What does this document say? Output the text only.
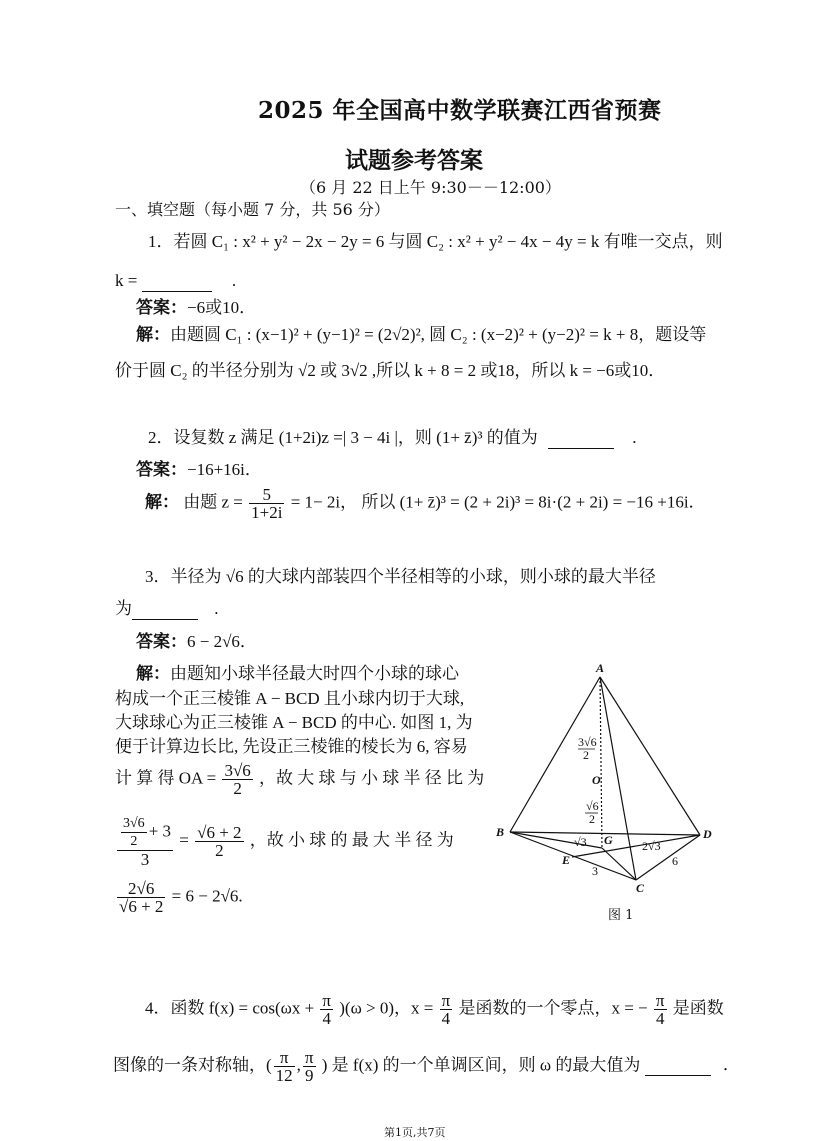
2025 年全国高中数学联赛江西省预赛
试题参考答案
（6 月 22 日上午 9:30－－12:00）
一、填空题（每小题 7 分，共 56 分）
1．若圆 C₁ : x² + y² − 2x − 2y = 6 与圆 C₂ : x² + y² − 4x − 4y = k 有唯一交点，则
k =	.
答案：−6或10．
解：由题圆 C₁ : (x−1)² + (y−1)² = (2√2)², 圆 C₂ : (x−2)² + (y−2)² = k + 8，题设等
价于圆 C₂ 的半径分别为 √2 或 3√2 ,所以 k + 8 = 2 或18，所以 k = −6或10．
2．设复数 z 满足 (1+2i)z =| 3 − 4i |，则 (1+ z̄)³ 的值为	.
答案：−16+16i．
解： 由题 $z = \frac{5}{1+2i} = 1- 2i$， 所以 (1+ z̄)³ = (2 + 2i)³ = 8i·(2 + 2i) = −16 +16i．
3．半径为 √6 的大球内部装四个半径相等的小球，则小球的最大半径
为	.
答案：6 − 2√6．
解：由题知小球半径最大时四个小球的球心
构成一个正三棱锥 A − BCD 且小球内切于大球,
大球球心为正三棱锥 A − BCD 的中心. 如图 1, 为
便于计算边长比, 先设正三棱锥的棱长为 6, 容易
计 算 得 OA = $\frac{3√6}{2}$ ，故 大 球 与 小 球 半 径 比 为
$\frac{\frac{3√6}{2} + 3}{3} = \frac{√6 + 2}{2}$ ，故 小 球 的 最 大 半 径 为
$\frac{2√6}{√6 + 2} = 6 - 2√6$.
A
B
C
D
E
G
O
3√6
2
√6
2
√3	2√3
3
6
图 1
4．函数 $f(x) = \cos(\omega x + \frac{\pi}{4} )(\omega > 0)$，$x = \frac{\pi}{4}$ 是函数的一个零点，x = − $\frac{\pi}{4}$ 是函数
图像的一条对称轴，( $\frac{\pi}{12}$ , $\frac{\pi}{9}$ ) 是 f(x) 的一个单调区间，则 ω 的最大值为	．
第1页,共7页
